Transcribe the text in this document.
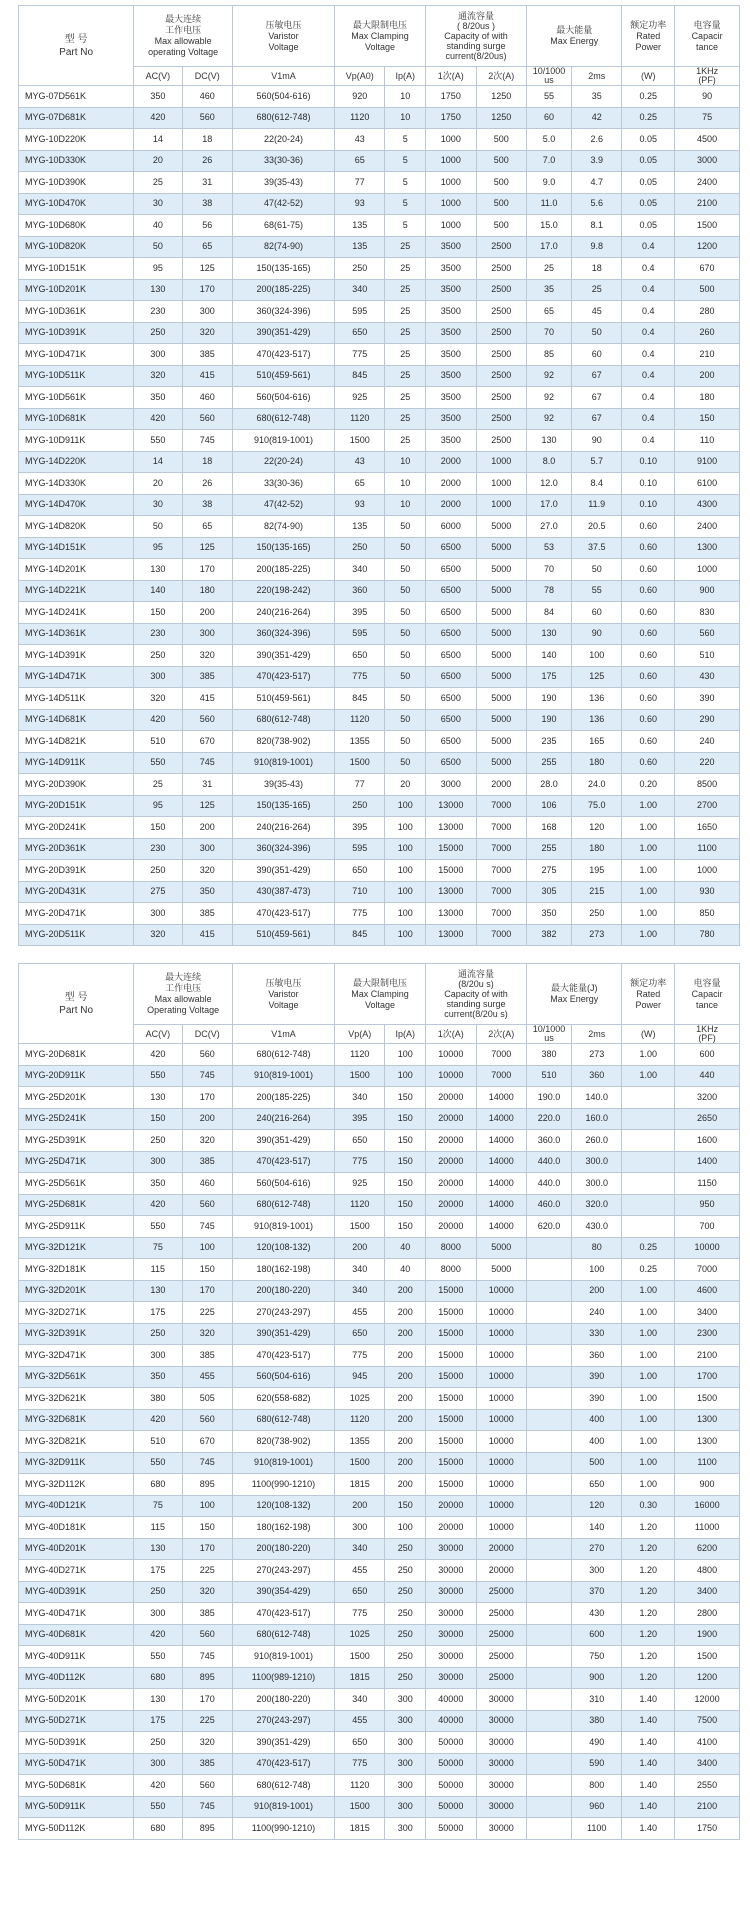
型 号
Part No	最大连续
工作电压
Max allowable
operating Voltage		压敏电压
Varistor
Voltage	最大限制电压
Max Clamping
Voltage		通流容量
( 8/20us )
Capacity of with
standing surge
current(8/20us)		最大能量
Max Energy		额定功率
Rated
Power	电容量
Capacir
tance
	AC(V)	DC(V)	V1mA	Vp(A0)	Ip(A)	1次(A)	2次(A)	10/1000
us	2ms	(W)	1KHz
(PF)
MYG-07D561K	350	460	560(504-616)	920	10	1750	1250	55	35	0.25	90
MYG-07D681K	420	560	680(612-748)	1120	10	1750	1250	60	42	0.25	75
MYG-10D220K	14	18	22(20-24)	43	5	1000	500	5.0	2.6	0.05	4500
MYG-10D330K	20	26	33(30-36)	65	5	1000	500	7.0	3.9	0.05	3000
MYG-10D390K	25	31	39(35-43)	77	5	1000	500	9.0	4.7	0.05	2400
MYG-10D470K	30	38	47(42-52)	93	5	1000	500	11.0	5.6	0.05	2100
MYG-10D680K	40	56	68(61-75)	135	5	1000	500	15.0	8.1	0.05	1500
MYG-10D820K	50	65	82(74-90)	135	25	3500	2500	17.0	9.8	0.4	1200
MYG-10D151K	95	125	150(135-165)	250	25	3500	2500	25	18	0.4	670
MYG-10D201K	130	170	200(185-225)	340	25	3500	2500	35	25	0.4	500
MYG-10D361K	230	300	360(324-396)	595	25	3500	2500	65	45	0.4	280
MYG-10D391K	250	320	390(351-429)	650	25	3500	2500	70	50	0.4	260
MYG-10D471K	300	385	470(423-517)	775	25	3500	2500	85	60	0.4	210
MYG-10D511K	320	415	510(459-561)	845	25	3500	2500	92	67	0.4	200
MYG-10D561K	350	460	560(504-616)	925	25	3500	2500	92	67	0.4	180
MYG-10D681K	420	560	680(612-748)	1120	25	3500	2500	92	67	0.4	150
MYG-10D911K	550	745	910(819-1001)	1500	25	3500	2500	130	90	0.4	110
MYG-14D220K	14	18	22(20-24)	43	10	2000	1000	8.0	5.7	0.10	9100
MYG-14D330K	20	26	33(30-36)	65	10	2000	1000	12.0	8.4	0.10	6100
MYG-14D470K	30	38	47(42-52)	93	10	2000	1000	17.0	11.9	0.10	4300
MYG-14D820K	50	65	82(74-90)	135	50	6000	5000	27.0	20.5	0.60	2400
MYG-14D151K	95	125	150(135-165)	250	50	6500	5000	53	37.5	0.60	1300
MYG-14D201K	130	170	200(185-225)	340	50	6500	5000	70	50	0.60	1000
MYG-14D221K	140	180	220(198-242)	360	50	6500	5000	78	55	0.60	900
MYG-14D241K	150	200	240(216-264)	395	50	6500	5000	84	60	0.60	830
MYG-14D361K	230	300	360(324-396)	595	50	6500	5000	130	90	0.60	560
MYG-14D391K	250	320	390(351-429)	650	50	6500	5000	140	100	0.60	510
MYG-14D471K	300	385	470(423-517)	775	50	6500	5000	175	125	0.60	430
MYG-14D511K	320	415	510(459-561)	845	50	6500	5000	190	136	0.60	390
MYG-14D681K	420	560	680(612-748)	1120	50	6500	5000	190	136	0.60	290
MYG-14D821K	510	670	820(738-902)	1355	50	6500	5000	235	165	0.60	240
MYG-14D911K	550	745	910(819-1001)	1500	50	6500	5000	255	180	0.60	220
MYG-20D390K	25	31	39(35-43)	77	20	3000	2000	28.0	24.0	0.20	8500
MYG-20D151K	95	125	150(135-165)	250	100	13000	7000	106	75.0	1.00	2700
MYG-20D241K	150	200	240(216-264)	395	100	13000	7000	168	120	1.00	1650
MYG-20D361K	230	300	360(324-396)	595	100	15000	7000	255	180	1.00	1100
MYG-20D391K	250	320	390(351-429)	650	100	15000	7000	275	195	1.00	1000
MYG-20D431K	275	350	430(387-473)	710	100	13000	7000	305	215	1.00	930
MYG-20D471K	300	385	470(423-517)	775	100	13000	7000	350	250	1.00	850
MYG-20D511K	320	415	510(459-561)	845	100	13000	7000	382	273	1.00	780
型 号
Part No	最大连续
工作电压
Max allowable
Operating Voltage		压敏电压
Varistor
Voltage	最大限制电压
Max Clamping
Voltage		通流容量
(8/20u s)
Capacity of with
standing surge
current(8/20u s)		最大能量(J)
Max Energy		额定功率
Rated
Power	电容量
Capacir
tance
	AC(V)	DC(V)	V1mA	Vp(A)	Ip(A)	1次(A)	2次(A)	10/1000
us	2ms	(W)	1KHz
(PF)
MYG-20D681K	420	560	680(612-748)	1120	100	10000	7000	380	273	1.00	600
MYG-20D911K	550	745	910(819-1001)	1500	100	10000	7000	510	360	1.00	440
MYG-25D201K	130	170	200(185-225)	340	150	20000	14000	190.0	140.0		3200
MYG-25D241K	150	200	240(216-264)	395	150	20000	14000	220.0	160.0		2650
MYG-25D391K	250	320	390(351-429)	650	150	20000	14000	360.0	260.0		1600
MYG-25D471K	300	385	470(423-517)	775	150	20000	14000	440.0	300.0		1400
MYG-25D561K	350	460	560(504-616)	925	150	20000	14000	440.0	300.0		1150
MYG-25D681K	420	560	680(612-748)	1120	150	20000	14000	460.0	320.0		950
MYG-25D911K	550	745	910(819-1001)	1500	150	20000	14000	620.0	430.0		700
MYG-32D121K	75	100	120(108-132)	200	40	8000	5000		80	0.25	10000
MYG-32D181K	115	150	180(162-198)	340	40	8000	5000		100	0.25	7000
MYG-32D201K	130	170	200(180-220)	340	200	15000	10000		200	1.00	4600
MYG-32D271K	175	225	270(243-297)	455	200	15000	10000		240	1.00	3400
MYG-32D391K	250	320	390(351-429)	650	200	15000	10000		330	1.00	2300
MYG-32D471K	300	385	470(423-517)	775	200	15000	10000		360	1.00	2100
MYG-32D561K	350	455	560(504-616)	945	200	15000	10000		390	1.00	1700
MYG-32D621K	380	505	620(558-682)	1025	200	15000	10000		390	1.00	1500
MYG-32D681K	420	560	680(612-748)	1120	200	15000	10000		400	1.00	1300
MYG-32D821K	510	670	820(738-902)	1355	200	15000	10000		400	1.00	1300
MYG-32D911K	550	745	910(819-1001)	1500	200	15000	10000		500	1.00	1100
MYG-32D112K	680	895	1100(990-1210)	1815	200	15000	10000		650	1.00	900
MYG-40D121K	75	100	120(108-132)	200	150	20000	10000		120	0.30	16000
MYG-40D181K	115	150	180(162-198)	300	100	20000	10000		140	1.20	11000
MYG-40D201K	130	170	200(180-220)	340	250	30000	20000		270	1.20	6200
MYG-40D271K	175	225	270(243-297)	455	250	30000	20000		300	1.20	4800
MYG-40D391K	250	320	390(354-429)	650	250	30000	25000		370	1.20	3400
MYG-40D471K	300	385	470(423-517)	775	250	30000	25000		430	1.20	2800
MYG-40D681K	420	560	680(612-748)	1025	250	30000	25000		600	1.20	1900
MYG-40D911K	550	745	910(819-1001)	1500	250	30000	25000		750	1.20	1500
MYG-40D112K	680	895	1100(989-1210)	1815	250	30000	25000		900	1.20	1200
MYG-50D201K	130	170	200(180-220)	340	300	40000	30000		310	1.40	12000
MYG-50D271K	175	225	270(243-297)	455	300	40000	30000		380	1.40	7500
MYG-50D391K	250	320	390(351-429)	650	300	50000	30000		490	1.40	4100
MYG-50D471K	300	385	470(423-517)	775	300	50000	30000		590	1.40	3400
MYG-50D681K	420	560	680(612-748)	1120	300	50000	30000		800	1.40	2550
MYG-50D911K	550	745	910(819-1001)	1500	300	50000	30000		960	1.40	2100
MYG-50D112K	680	895	1100(990-1210)	1815	300	50000	30000		1100	1.40	1750
